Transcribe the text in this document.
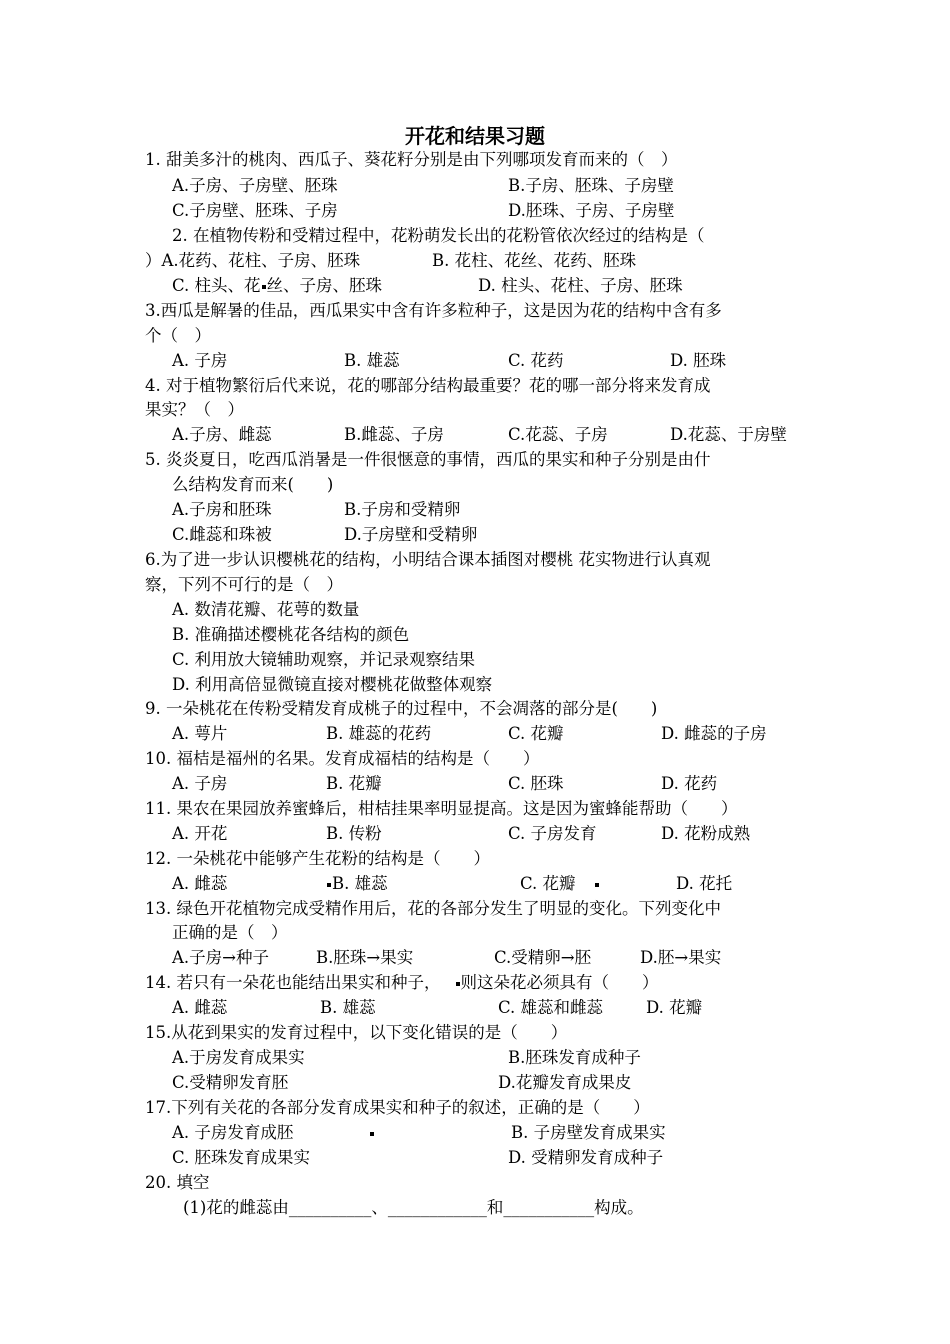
开花和结果习题
1. 甜美多汁的桃肉、西瓜子、葵花籽分别是由下列哪项发育而来的（　）
A.子房、子房壁、胚珠	B.子房、胚珠、子房壁
C.子房壁、胚珠、子房	D.胚珠、子房、子房壁
2. 在植物传粉和受精过程中，花粉萌发长出的花粉管依次经过的结构是（
）A.花药、花柱、子房、胚珠	B. 花柱、花丝、花药、胚珠
C. 柱头、花 丝、子房、胚珠	D. 柱头、花柱、子房、胚珠
3.西瓜是解暑的佳品，西瓜果实中含有许多粒种子，这是因为花的结构中含有多
个（　）
A. 子房	B. 雄蕊	C. 花药	D. 胚珠
4. 对于植物繁衍后代来说，花的哪部分结构最重要？花的哪一部分将来发育成
果实？（　）
A.子房、雌蕊	B.雌蕊、子房	C.花蕊、子房	D.花蕊、于房壁
5. 炎炎夏日，吃西瓜消暑是一件很惬意的事情，西瓜的果实和种子分别是由什
么结构发育而来(　　)
A.子房和胚珠	B.子房和受精卵
C.雌蕊和珠被	D.子房壁和受精卵
6.为了进一步认识樱桃花的结构，小明结合课本插图对樱桃 花实物进行认真观
察，下列不可行的是（　）
A. 数清花瓣、花萼的数量
B. 准确描述樱桃花各结构的颜色
C. 利用放大镜辅助观察，并记录观察结果
D. 利用高倍显微镜直接对樱桃花做整体观察
9. 一朵桃花在传粉受精发育成桃子的过程中，不会凋落的部分是(　　)
A. 萼片	B. 雄蕊的花药	C. 花瓣	D. 雌蕊的子房
10. 福桔是福州的名果。发育成福桔的结构是（　　）
A. 子房	B. 花瓣	C. 胚珠	D. 花药
11. 果农在果园放养蜜蜂后，柑桔挂果率明显提高。这是因为蜜蜂能帮助（　　）
A. 开花	B. 传粉	C. 子房发育	D. 花粉成熟
12. 一朵桃花中能够产生花粉的结构是（　　）
A. 雌蕊	B. 雄蕊	C. 花瓣	D. 花托
13. 绿色开花植物完成受精作用后，花的各部分发生了明显的变化。下列变化中
正确的是（　）
A.子房→种子	B.胚珠→果实	C.受精卵→胚	D.胚→果实
14. 若只有一朵花也能结出果实和种子， 则这朵花必须具有（　　）
A. 雌蕊	B. 雄蕊	C. 雄蕊和雌蕊	D. 花瓣
15.从花到果实的发育过程中，以下变化错误的是（　　）
A.于房发育成果实	B.胚珠发育成种子
C.受精卵发育胚	D.花瓣发育成果皮
17.下列有关花的各部分发育成果实和种子的叙述，正确的是（　　）
A. 子房发育成胚	B. 子房壁发育成果实
C. 胚珠发育成果实	D. 受精卵发育成种子
20. 填空
(1)花的雌蕊由__________、____________和___________构成。
